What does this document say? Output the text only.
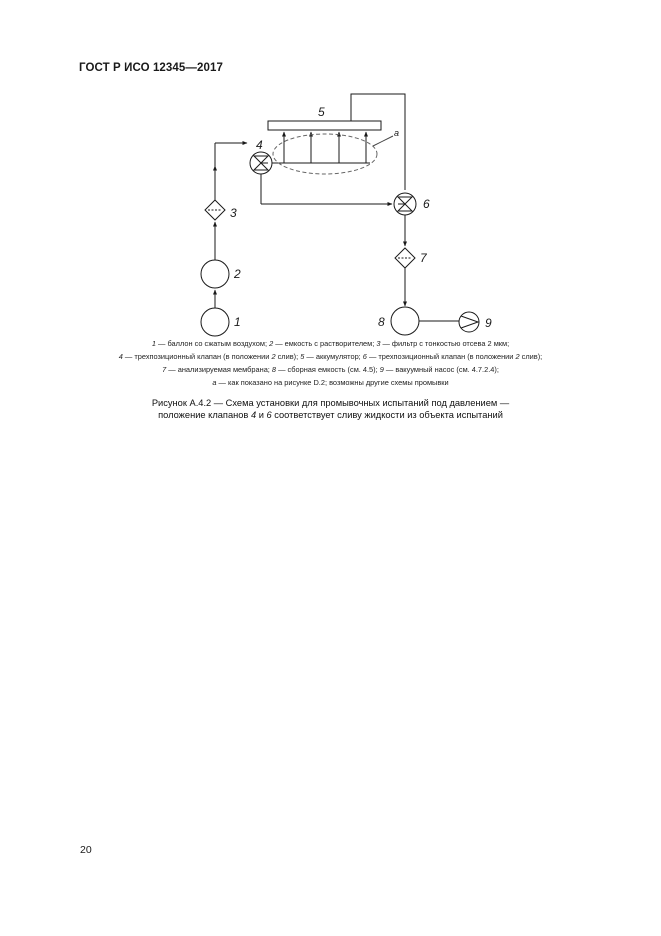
ГОСТ Р ИСО 12345—2017
1
2
3
4
5
6
7
8	9
a
1 — баллон со сжатым воздухом; 2 — емкость с растворителем; 3 — фильтр с тонкостью отсева 2 мкм;
4 — трехпозиционный клапан (в положении 2 слив); 5 — аккумулятор; 6 — трехпозиционный клапан (в положении 2 слив);
7 — анализируемая мембрана; 8 — сборная емкость (см. 4.5); 9 — вакуумный насос (см. 4.7.2.4);
а — как показано на рисунке D.2; возможны другие схемы промывки
Рисунок А.4.2 — Схема установки для промывочных испытаний под давлением —
положение клапанов 4 и 6 соответствует сливу жидкости из объекта испытаний
20
